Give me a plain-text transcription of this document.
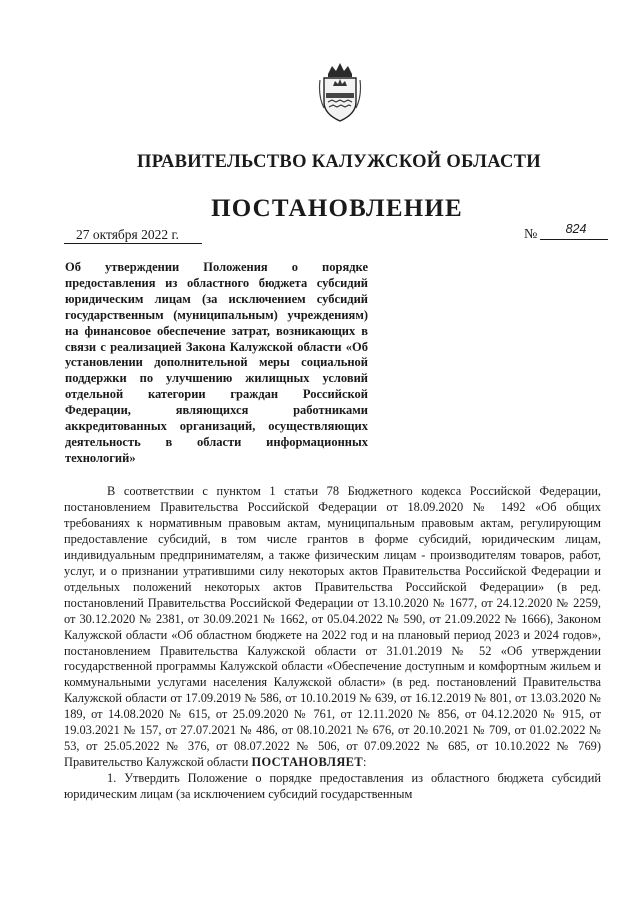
ПРАВИТЕЛЬСТВО КАЛУЖСКОЙ ОБЛАСТИ
ПОСТАНОВЛЕНИЕ
27 октября 2022 г.	№	824
Об утверждении Положения о порядке предоставления из областного бюджета субсидий юридическим лицам (за исключением субсидий государственным (муниципальным) учреждениям) на финансовое обеспечение затрат, возникающих в связи с реализацией Закона Калужской области «Об установлении дополнительной меры социальной поддержки по улучшению жилищных условий отдельной категории граждан Российской Федерации, являющихся работниками аккредитованных организаций, осуществляющих деятельность в области информационных технологий»

В соответствии с пунктом 1 статьи 78 Бюджетного кодекса Российской Федерации, постановлением Правительства Российской Федерации от 18.09.2020 № 1492 «Об общих требованиях к нормативным правовым актам, муниципальным правовым актам, регулирующим предоставление субсидий, в том числе грантов в форме субсидий, юридическим лицам, индивидуальным предпринимателям, а также физическим лицам - производителям товаров, работ, услуг, и о признании утратившими силу некоторых актов Правительства Российской Федерации и отдельных положений некоторых актов Правительства Российской Федерации» (в ред. постановлений Правительства Российской Федерации от 13.10.2020 № 1677, от 24.12.2020 № 2259, от 30.12.2020 № 2381, от 30.09.2021 № 1662, от 05.04.2022 № 590, от 21.09.2022 № 1666), Законом Калужской области «Об областном бюджете на 2022 год и на плановый период 2023 и 2024 годов», постановлением Правительства Калужской области от 31.01.2019 № 52 «Об утверждении государственной программы Калужской области «Обеспечение доступным и комфортным жильем и коммунальными услугами населения Калужской области» (в ред. постановлений Правительства Калужской области от 17.09.2019 № 586, от 10.10.2019 № 639, от 16.12.2019 № 801, от 13.03.2020 № 189, от 14.08.2020 № 615, от 25.09.2020 № 761, от 12.11.2020 № 856, от 04.12.2020 № 915, от 19.03.2021 № 157, от 27.07.2021 № 486, от 08.10.2021 № 676, от 20.10.2021 № 709, от 01.02.2022 № 53, от 25.05.2022 № 376, от 08.07.2022 № 506, от 07.09.2022 № 685, от 10.10.2022 № 769) Правительство Калужской области ПОСТАНОВЛЯЕТ:

1. Утвердить Положение о порядке предоставления из областного бюджета субсидий юридическим лицам (за исключением субсидий государственным
